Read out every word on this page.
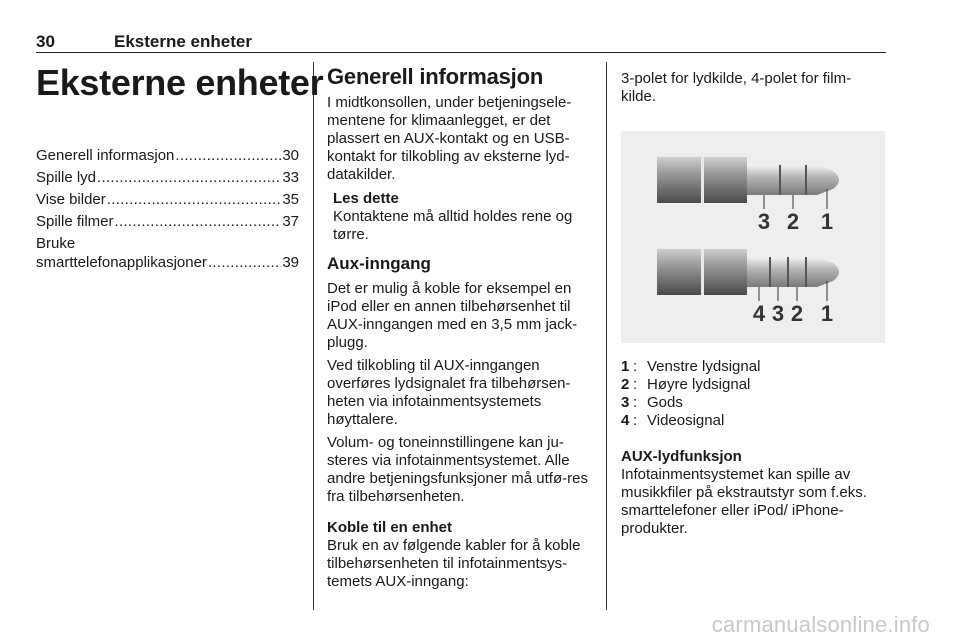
30	Eksterne enheter
Eksterne enheter
Generell informasjon .....	30
Spille lyd .....	33
Vise bilder .....	35
Spille filmer .....	37
Bruke
smarttelefonapplikasjoner .....	39
Generell informasjon

I midtkonsollen, under betjeningsele-mentene for klimaanlegget, er det plassert en AUX-kontakt og en USB-kontakt for tilkobling av eksterne lyd-datakilder.

Les dette
Kontaktene må alltid holdes rene og tørre.
Aux-inngang

Det er mulig å koble for eksempel en iPod eller en annen tilbehørsenhet til AUX-inngangen med en 3,5 mm jack-plugg.

Ved tilkobling til AUX-inngangen overføres lydsignalet fra tilbehørsen-heten via infotainmentsystemets høyttalere.

Volum- og toneinnstillingene kan ju-steres via infotainmentsystemet. Alle andre betjeningsfunksjoner må utfø-res fra tilbehørsenheten.

Koble til en enhet

Bruk en av følgende kabler for å koble tilbehørsenheten til infotainmentsys-temets AUX-inngang:

3-polet for lydkilde, 4-polet for film-kilde.

3 2 1
4 3 2 1
1 : Venstre lydsignal
2 : Høyre lydsignal
3 : Gods
4 : Videosignal
AUX-lydfunksjon

Infotainmentsystemet kan spille av musikkfiler på ekstrautstyr som f.eks. smarttelefoner eller iPod/ iPhone-produkter.

carmanualsonline.info
